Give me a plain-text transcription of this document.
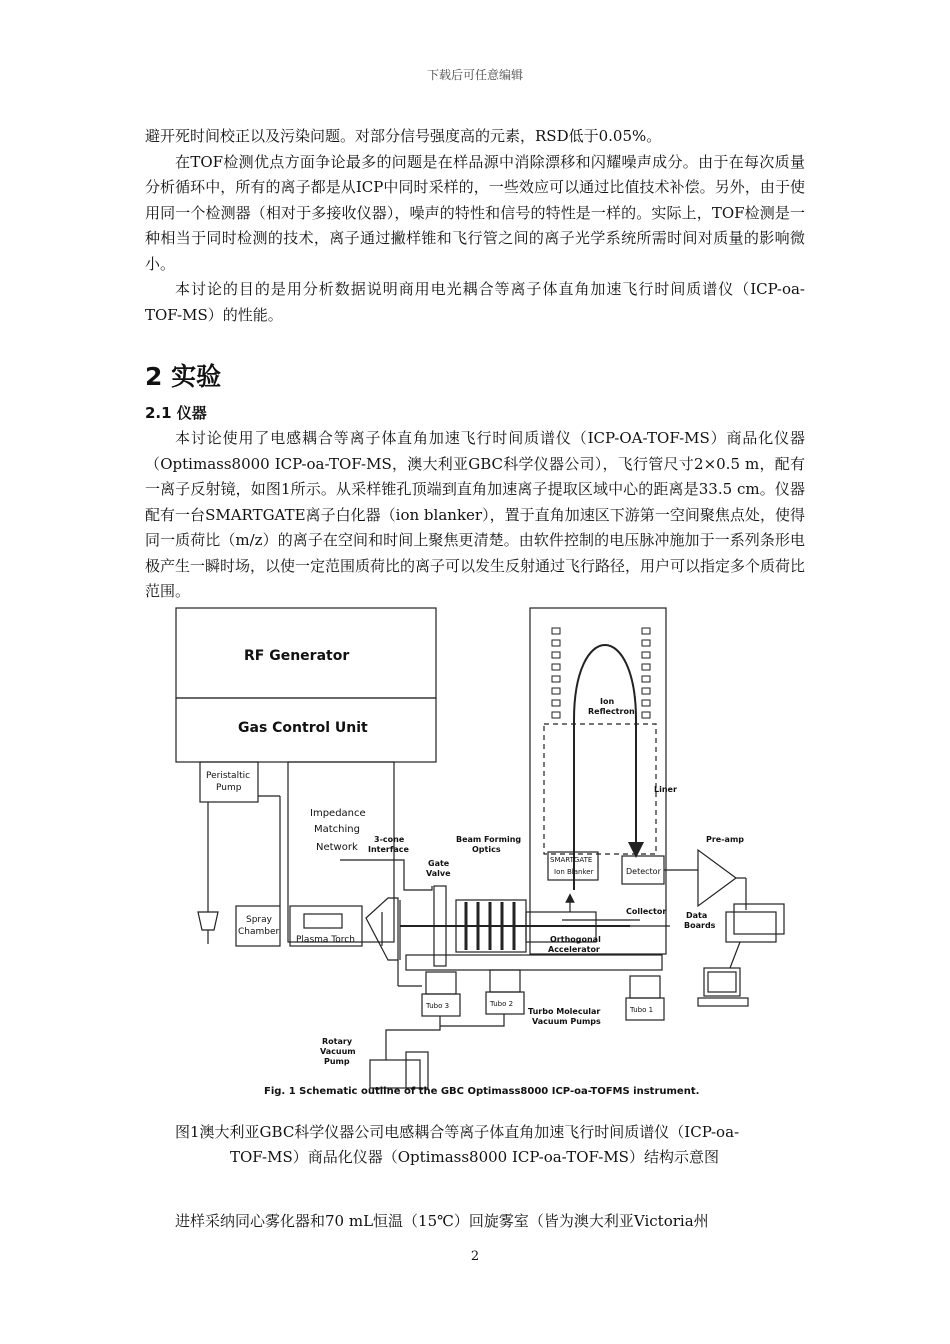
下载后可任意编辑

避开死时间校正以及污染问题。对部分信号强度高的元素，RSD低于0.05%。

在TOF检测优点方面争论最多的问题是在样品源中消除漂移和闪耀噪声成分。由于在每次质量分析循环中，所有的离子都是从ICP中同时采样的，一些效应可以通过比值技术补偿。另外，由于使用同一个检测器（相对于多接收仪器），噪声的特性和信号的特性是一样的。实际上，TOF检测是一种相当于同时检测的技术，离子通过撇样锥和飞行管之间的离子光学系统所需时间对质量的影响微小。

本讨论的目的是用分析数据说明商用电光耦合等离子体直角加速飞行时间质谱仪（ICP-oa-TOF-MS）的性能。

2 实验
2.1 仪器

本讨论使用了电感耦合等离子体直角加速飞行时间质谱仪（ICP-OA-TOF-MS）商品化仪器（Optimass8000 ICP-oa-TOF-MS，澳大利亚GBC科学仪器公司），飞行管尺寸2×0.5 m，配有一离子反射镜，如图1所示。从采样锥孔顶端到直角加速离子提取区域中心的距离是33.5 cm。仪器配有一台SMARTGATE离子白化器（ion blanker），置于直角加速区下游第一空间聚焦点处，使得同一质荷比（m/z）的离子在空间和时间上聚焦更清楚。由软件控制的电压脉冲施加于一系列条形电极产生一瞬时场，以使一定范围质荷比的离子可以发生反射通过飞行路径，用户可以指定多个质荷比范围。

RF Generator
Gas Control Unit
Peristaltic
Pump
Impedance
Matching
Network
Spray
Chamber
Plasma Torch
3-cone
Interface
Gate
Valve
Beam Forming
Optics
Ion
Reflectron
Liner
SMARTGATE
Ion Blanker	Detector
Pre-amp
Collector
Orthogonal
Accelerator
Data
Boards
Tubo 3	Tubo 2
Tubo 1
Turbo Molecular
Vacuum Pumps
Rotary
Vacuum
Pump
Fig. 1 Schematic outline of the GBC Optimass8000 ICP-oa-TOFMS instrument.
图1澳大利亚GBC科学仪器公司电感耦合等离子体直角加速飞行时间质谱仪（ICP-oa-
TOF-MS）商品化仪器（Optimass8000 ICP-oa-TOF-MS）结构示意图

进样采纳同心雾化器和70 mL恒温（15℃）回旋雾室（皆为澳大利亚Victoria州

2
